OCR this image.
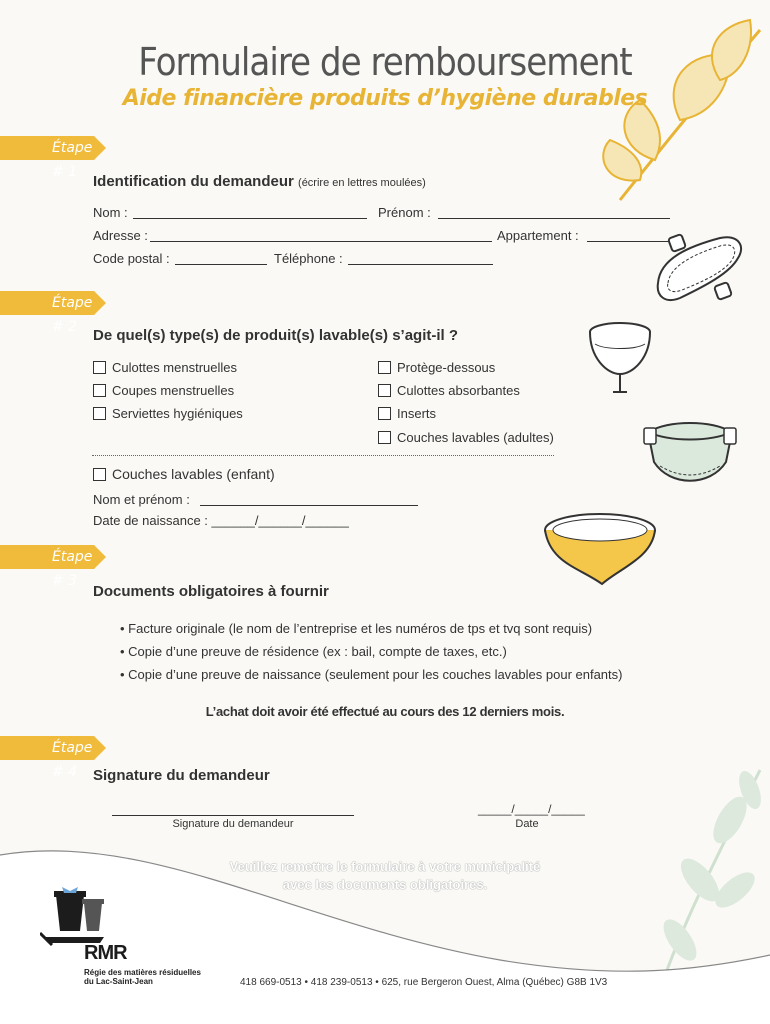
Formulaire de remboursement
Aide financière produits d’hygiène durables
Étape # 1
Identification du demandeur (écrire en lettres moulées)
Nom :	Prénom :
Adresse :	Appartement :
Code postal :	Téléphone :
Étape # 2	De quel(s) type(s) de produit(s) lavable(s) s’agit-il ?
Culottes menstruelles
Coupes menstruelles
Serviettes hygiéniques
Protège-dessous
Culottes absorbantes
Inserts
Couches lavables (adultes)
Couches lavables (enfant)
Nom et prénom :
Date de naissance : ______/______/______
Étape # 3
Documents obligatoires à fournir
• Facture originale (le nom de l’entreprise et les numéros de tps et tvq sont requis)
• Copie d’une preuve de résidence (ex : bail, compte de taxes, etc.)
• Copie d’une preuve de naissance (seulement pour les couches lavables pour enfants)
L’achat doit avoir été effectué au cours des 12 derniers mois.
Étape # 4	Signature du demandeur
Signature du demandeur
_____/_____/_____
Date
Veuillez remettre le formulaire à votre municipalité
avec les documents obligatoires.
RMR
Régie des matières résiduelles
du Lac-Saint-Jean	418 669-0513 • 418 239-0513 • 625, rue Bergeron Ouest, Alma (Québec) G8B 1V3
